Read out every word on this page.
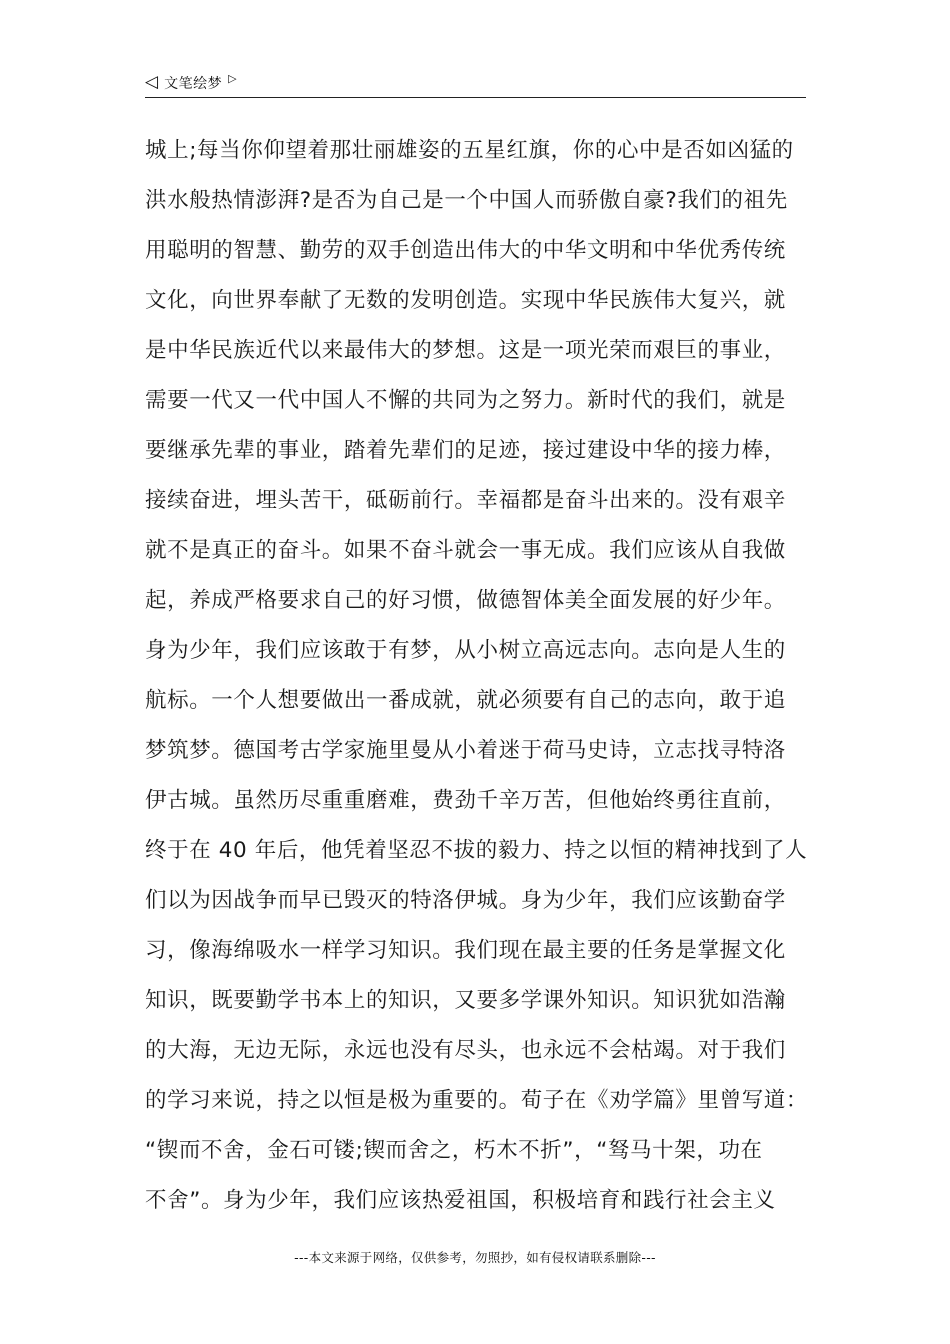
◁ 文笔绘梦 ▷
城上;每当你仰望着那壮丽雄姿的五星红旗，你的心中是否如凶猛的
洪水般热情澎湃?是否为自己是一个中国人而骄傲自豪?我们的祖先
用聪明的智慧、勤劳的双手创造出伟大的中华文明和中华优秀传统
文化，向世界奉献了无数的发明创造。实现中华民族伟大复兴，就
是中华民族近代以来最伟大的梦想。这是一项光荣而艰巨的事业，
需要一代又一代中国人不懈的共同为之努力。新时代的我们，就是
要继承先辈的事业，踏着先辈们的足迹，接过建设中华的接力棒，
接续奋进，埋头苦干，砥砺前行。幸福都是奋斗出来的。没有艰辛
就不是真正的奋斗。如果不奋斗就会一事无成。我们应该从自我做
起，养成严格要求自己的好习惯，做德智体美全面发展的好少年。
身为少年，我们应该敢于有梦，从小树立高远志向。志向是人生的
航标。一个人想要做出一番成就，就必须要有自己的志向，敢于追
梦筑梦。德国考古学家施里曼从小着迷于荷马史诗，立志找寻特洛
伊古城。虽然历尽重重磨难，费劲千辛万苦，但他始终勇往直前，
终于在 40 年后，他凭着坚忍不拔的毅力、持之以恒的精神找到了人
们以为因战争而早已毁灭的特洛伊城。身为少年，我们应该勤奋学
习，像海绵吸水一样学习知识。我们现在最主要的任务是掌握文化
知识，既要勤学书本上的知识，又要多学课外知识。知识犹如浩瀚
的大海，无边无际，永远也没有尽头，也永远不会枯竭。对于我们
的学习来说，持之以恒是极为重要的。荀子在《劝学篇》里曾写道：
“锲而不舍，金石可镂;锲而舍之，朽木不折”，“驽马十架，功在
不舍”。身为少年，我们应该热爱祖国，积极培育和践行社会主义
---本文来源于网络，仅供参考，勿照抄，如有侵权请联系删除---
